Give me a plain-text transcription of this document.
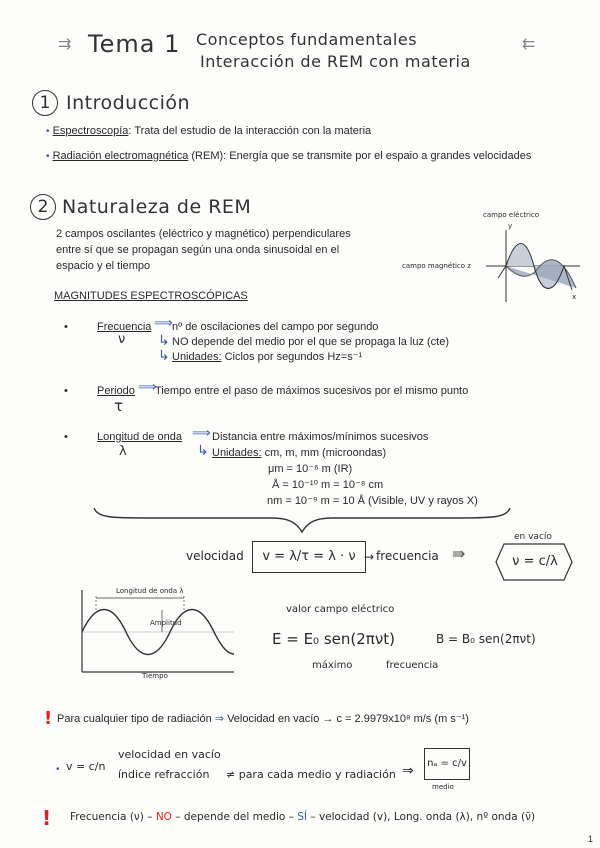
⇉ Tema 1 Conceptos fundamentales
Interacción de REM con materia
⇇
1 Introducción
• Espectroscopía: Trata del estudio de la interacción con la materia
• Radiación electromagnética (REM): Energía que se transmite por el espaio a grandes velocidades
2 Naturaleza de REM
2 campos oscilantes (eléctrico y magnético) perpendiculares
entre sí que se propagan según una onda sinusoidal en el
espacio y el tiempo
campo eléctrico
y
campo magnético z
x
MAGNITUDES ESPECTROSCÓPICAS
•	Frecuencia ⟹ nº de oscilaciones del campo por segundo
ν ↳ NO depende del medio por el que se propaga la luz (cte)
↳ Unidades: Ciclos por segundos Hz=s⁻¹
•	Periodo ⟹
Tiempo entre el paso de máximos sucesivos por el mismo punto
τ
•	Longitud de onda ⟹ Distancia entre máximos/mínimos sucesivos
λ	↳ Unidades: cm, m, mm (microondas)
μm = 10⁻⁶ m (IR)
Å = 10⁻¹⁰ m = 10⁻⁸ cm
nm = 10⁻⁹ m = 10 Å (Visible, UV y rayos X)
velocidad	v = λ/τ = λ · ν → frecuencia ⇛
en vacío
ν = c/λ
Longitud de onda λ
Amplitud
Tiempo
valor campo eléctrico
E = E₀ sen(2πνt)	B = B₀ sen(2πνt)
máximo	frecuencia
! Para cualquier tipo de radiación ⇒ Velocidad en vacío → c = 2.9979x10⁸ m/s (m s⁻¹)
• v = c/n
velocidad en vacío
índice refracción ≠ para cada medio y radiación ⇒ nₐ = c/v
medio
! Frecuencia (ν) – NO – depende del medio – SÍ – velocidad (v), Long. onda (λ), nº onda (ν̄)
1
